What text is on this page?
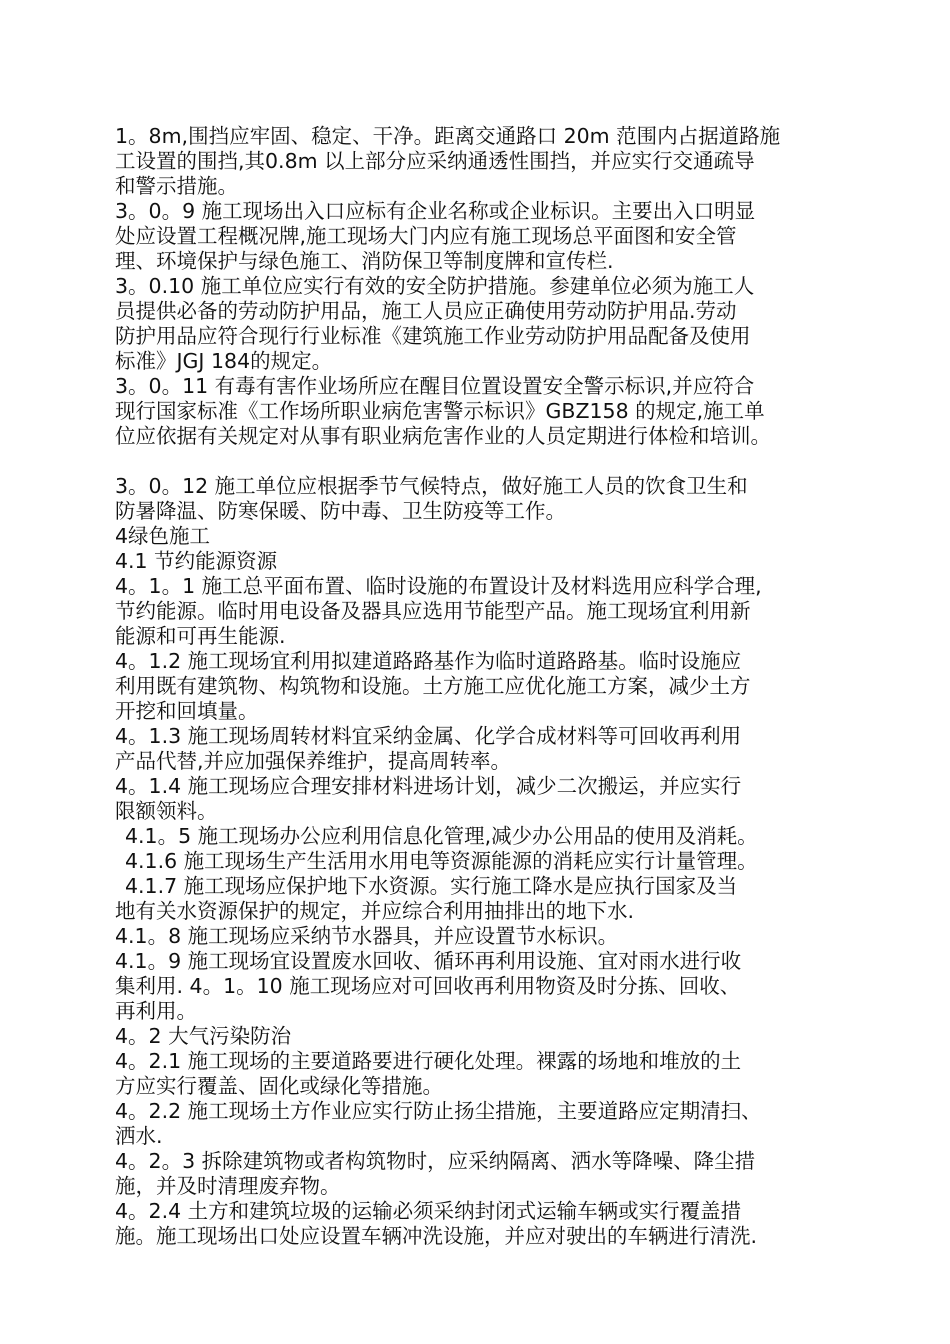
1。8m,围挡应牢固、稳定、干净。距离交通路口 20m 范围内占据道路施

工设置的围挡,其0.8m 以上部分应采纳通透性围挡，并应实行交通疏导

和警示措施。

3。0。9 施工现场出入口应标有企业名称或企业标识。主要出入口明显

处应设置工程概况牌,施工现场大门内应有施工现场总平面图和安全管

理、环境保护与绿色施工、消防保卫等制度牌和宣传栏.

3。0.10 施工单位应实行有效的安全防护措施。参建单位必须为施工人

员提供必备的劳动防护用品，施工人员应正确使用劳动防护用品.劳动

防护用品应符合现行行业标准《建筑施工作业劳动防护用品配备及使用

标准》JGJ 184的规定。

3。0。11 有毒有害作业场所应在醒目位置设置安全警示标识,并应符合

现行国家标准《工作场所职业病危害警示标识》GBZ158 的规定,施工单

位应依据有关规定对从事有职业病危害作业的人员定期进行体检和培训。

3。0。12 施工单位应根据季节气候特点，做好施工人员的饮食卫生和

防暑降温、防寒保暖、防中毒、卫生防疫等工作。

4绿色施工

4.1 节约能源资源

4。1。1 施工总平面布置、临时设施的布置设计及材料选用应科学合理,

节约能源。临时用电设备及器具应选用节能型产品。施工现场宜利用新

能源和可再生能源.

4。1.2 施工现场宜利用拟建道路路基作为临时道路路基。临时设施应

利用既有建筑物、构筑物和设施。土方施工应优化施工方案，减少土方

开挖和回填量。

4。1.3 施工现场周转材料宜采纳金属、化学合成材料等可回收再利用

产品代替,并应加强保养维护，提高周转率。

4。1.4 施工现场应合理安排材料进场计划，减少二次搬运，并应实行

限额领料。

4.1。5 施工现场办公应利用信息化管理,减少办公用品的使用及消耗。

4.1.6 施工现场生产生活用水用电等资源能源的消耗应实行计量管理。

4.1.7 施工现场应保护地下水资源。实行施工降水是应执行国家及当

地有关水资源保护的规定，并应综合利用抽排出的地下水.

4.1。8 施工现场应采纳节水器具，并应设置节水标识。

4.1。9 施工现场宜设置废水回收、循环再利用设施、宜对雨水进行收

集利用. 4。1。10 施工现场应对可回收再利用物资及时分拣、回收、

再利用。

4。2 大气污染防治

4。2.1 施工现场的主要道路要进行硬化处理。裸露的场地和堆放的土

方应实行覆盖、固化或绿化等措施。

4。2.2 施工现场土方作业应实行防止扬尘措施，主要道路应定期清扫、

洒水.

4。2。3 拆除建筑物或者构筑物时，应采纳隔离、洒水等降噪、降尘措

施，并及时清理废弃物。

4。2.4 土方和建筑垃圾的运输必须采纳封闭式运输车辆或实行覆盖措

施。施工现场出口处应设置车辆冲洗设施，并应对驶出的车辆进行清洗.
